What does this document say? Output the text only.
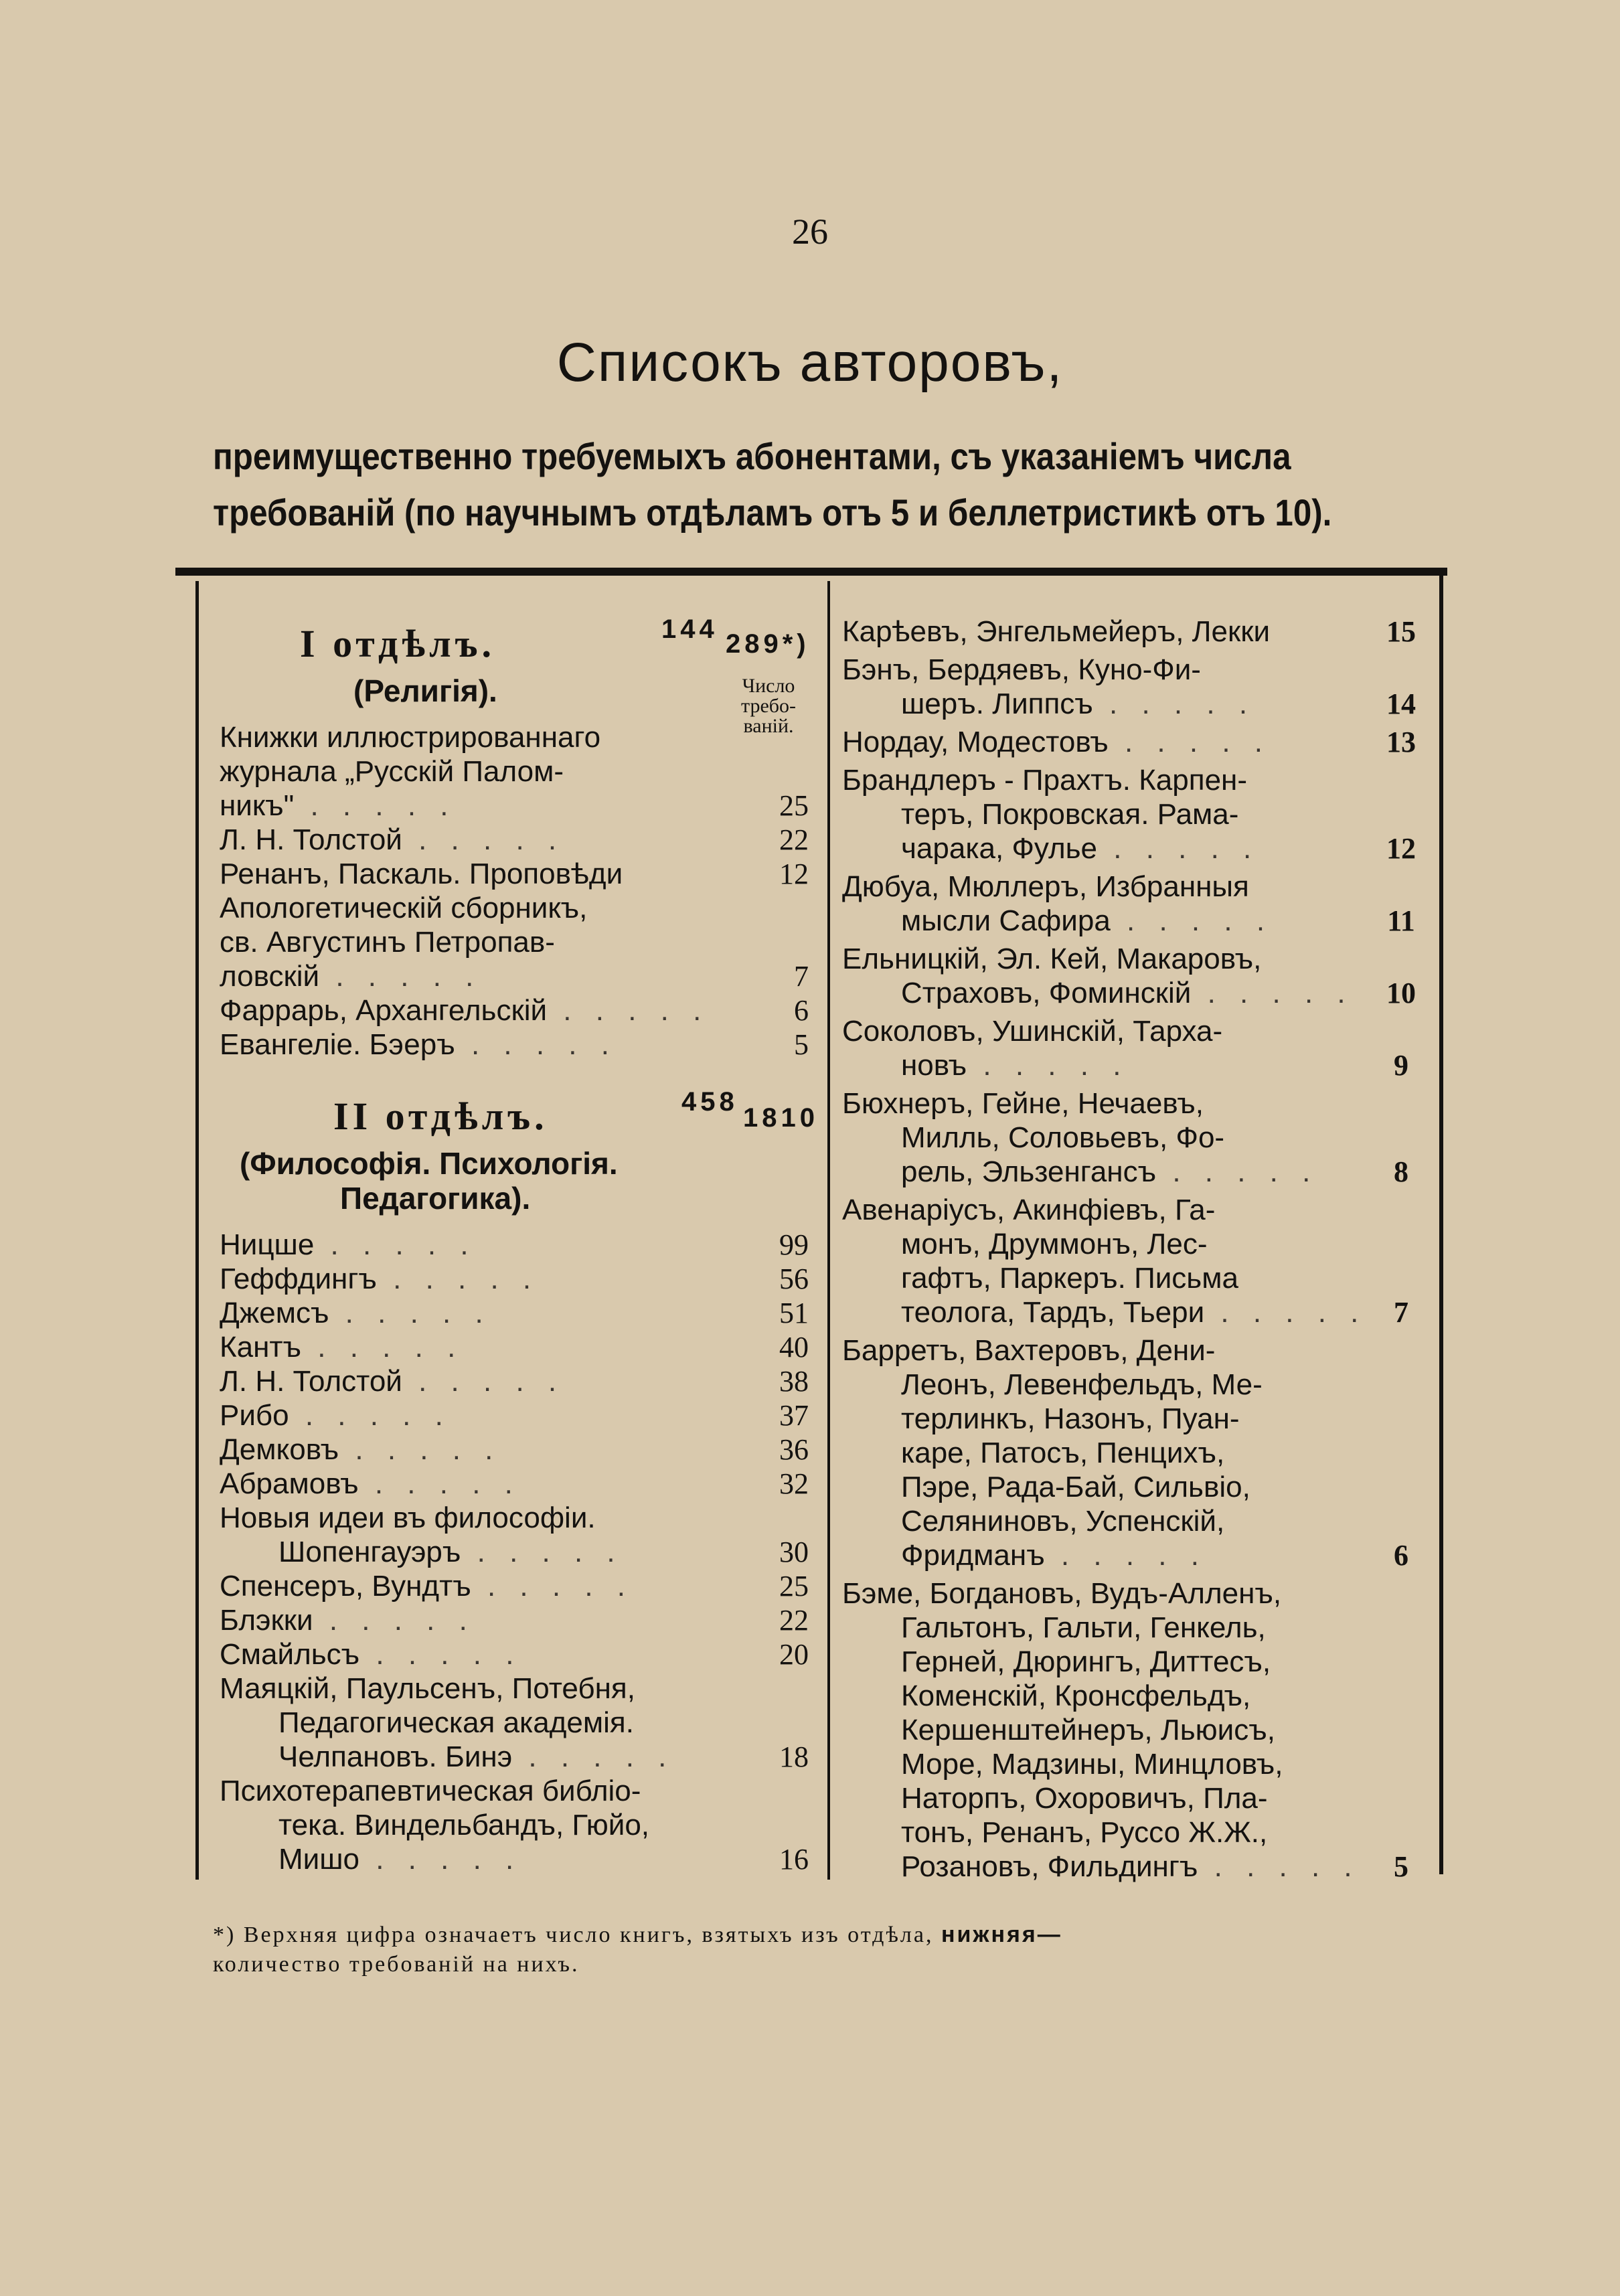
26
Списокъ авторовъ,
преимущественно требуемыхъ абонентами, съ указаніемъ числа
требованій (по научнымъ отдѣламъ отъ 5 и беллетристикѣ отъ 10).
I отдѣлъ.	144 289*)
(Религія).	Число требо- ваній.
Книжки иллюстрированнаго
журнала „Русскій Палом-
никъ" . . . . .	25
Л. Н. Толстой . . . . .	22
Ренанъ, Паскаль. Проповѣди	12
Апологетическій сборникъ,
св. Августинъ Петропав-
ловскій . . . . .	7
Фаррарь, Архангельскій . . . . .	6
Евангеліе. Бэеръ . . . . .	5
II отдѣлъ.	458
1810
(Философія. Психологія.
Педагогика).
Ницше . . . . .	99
Геффдингъ . . . . .	56
Джемсъ . . . . .	51
Кантъ . . . . .	40
Л. Н. Толстой . . . . .	38
Рибо . . . . .	37
Демковъ . . . . .	36
Абрамовъ . . . . .	32
Новыя идеи въ философіи.
Шопенгауэръ . . . . .	30
Спенсеръ, Вундтъ . . . . .	25
Блэкки . . . . .	22
Смайльсъ . . . . .	20
Маяцкій, Паульсенъ, Потебня,
Педагогическая академія.
Челпановъ. Бинэ . . . . .	18
Психотерапевтическая библіо-
тека. Виндельбандъ, Гюйо,
Мишо . . . . .	16
Карѣевъ, Энгельмейеръ, Лекки	15
Бэнъ, Бердяевъ, Куно-Фи-
шеръ. Липпсъ . . . . .	14
Нордау, Модестовъ . . . . .	13
Брандлеръ - Прахтъ. Карпен-
теръ, Покровская. Рама-
чарака, Фулье . . . . .	12
Дюбуа, Мюллеръ, Избранныя
мысли Сафира . . . . .	11
Ельницкій, Эл. Кей, Макаровъ,
Страховъ, Фоминскій . . . . .	10
Соколовъ, Ушинскій, Тарха-
новъ . . . . .	9
Бюхнеръ, Гейне, Нечаевъ,
Милль, Соловьевъ, Фо-
рель, Эльзенгансъ . . . . .	8
Авенаріусъ, Акинфіевъ, Га-
монъ, Друммонъ, Лес-
гафтъ, Паркеръ. Письма
теолога, Тардъ, Тьери . . . . . 7
Барретъ, Вахтеровъ, Дени-
Леонъ, Левенфельдъ, Ме-
терлинкъ, Назонъ, Пуан-
каре, Патосъ, Пенцихъ,
Пэре, Рада-Бай, Сильвіо,
Селяниновъ, Успенскій,
Фридманъ . . . . .	6
Бэме, Богдановъ, Вудъ-Алленъ,
Гальтонъ, Гальти, Генкель,
Герней, Дюрингъ, Диттесъ,
Коменскій, Кронсфельдъ,
Кершенштейнеръ, Льюисъ,
Море, Мадзины, Минцловъ,
Наторпъ, Охоровичъ, Пла-
тонъ, Ренанъ, Руссо Ж.Ж.,
Розановъ, Фильдингъ . . . . .	5
*) Верхняя цифра означаетъ число книгъ, взятыхъ изъ отдѣла, нижняя—
количество требованій на нихъ.
